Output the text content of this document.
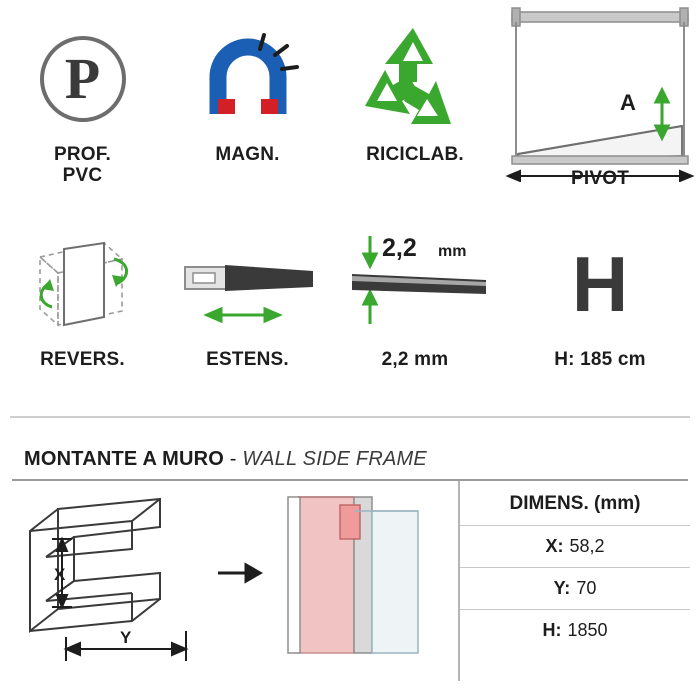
P
PROF.
PVC
MAGN.	RICICLAB.
A
PIVOT
REVERS.	ESTENS.
2,2 mm
2,2 mm
H
H: 185 cm
MONTANTE A MURO - WALL SIDE FRAME
X
Y
DIMENS. (mm)
X: 58,2
Y: 70
H: 1850
